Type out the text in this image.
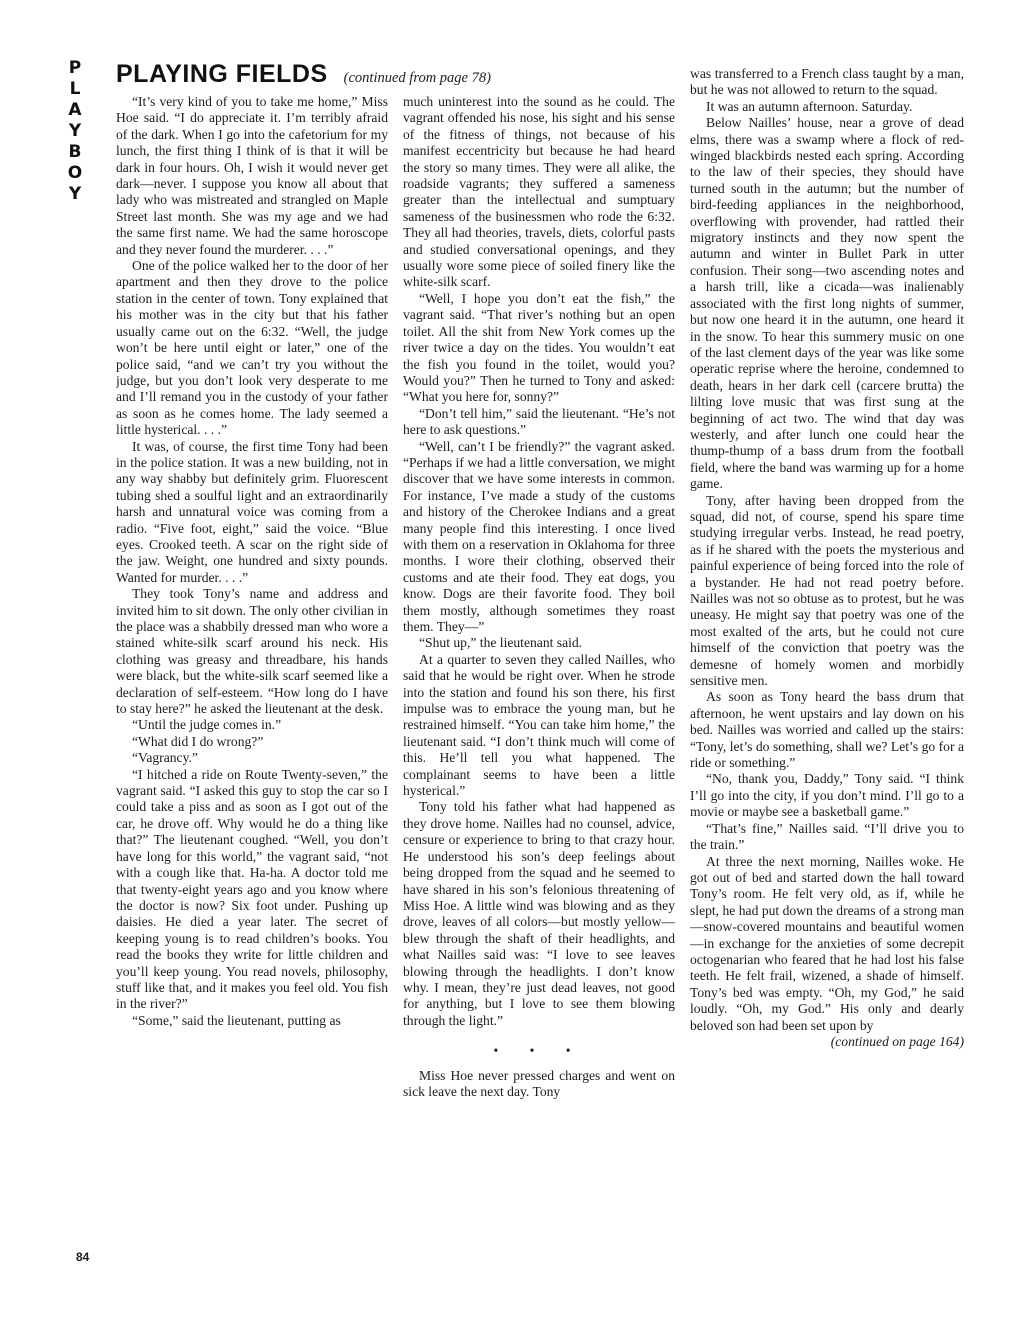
P
L
A
Y
B
O
Y
PLAYING FIELDS (continued from page 78)

“It’s very kind of you to take me home,” Miss Hoe said. “I do appreciate it. I’m terribly afraid of the dark. When I go into the cafetorium for my lunch, the first thing I think of is that it will be dark in four hours. Oh, I wish it would never get dark—never. I suppose you know all about that lady who was mistreated and strangled on Maple Street last month. She was my age and we had the same first name. We had the same horoscope and they never found the murderer. . . .”

One of the police walked her to the door of her apartment and then they drove to the police station in the center of town. Tony explained that his mother was in the city but that his father usually came out on the 6:32. “Well, the judge won’t be here until eight or later,” one of the police said, “and we can’t try you without the judge, but you don’t look very desperate to me and I’ll remand you in the custody of your father as soon as he comes home. The lady seemed a little hysterical. . . .”

It was, of course, the first time Tony had been in the police station. It was a new building, not in any way shabby but definitely grim. Fluorescent tubing shed a soulful light and an extraordinarily harsh and unnatural voice was coming from a radio. “Five foot, eight,” said the voice. “Blue eyes. Crooked teeth. A scar on the right side of the jaw. Weight, one hundred and sixty pounds. Wanted for murder. . . .”

They took Tony’s name and address and invited him to sit down. The only other civilian in the place was a shabbily dressed man who wore a stained white-silk scarf around his neck. His clothing was greasy and threadbare, his hands were black, but the white-silk scarf seemed like a declaration of self-esteem. “How long do I have to stay here?” he asked the lieutenant at the desk.

“Until the judge comes in.”

“What did I do wrong?”

“Vagrancy.”

“I hitched a ride on Route Twenty-seven,” the vagrant said. “I asked this guy to stop the car so I could take a piss and as soon as I got out of the car, he drove off. Why would he do a thing like that?” The lieutenant coughed. “Well, you don’t have long for this world,” the vagrant said, “not with a cough like that. Ha-ha. A doctor told me that twenty-eight years ago and you know where the doctor is now? Six foot under. Pushing up daisies. He died a year later. The secret of keeping young is to read children’s books. You read the books they write for little children and you’ll keep young. You read novels, philosophy, stuff like that, and it makes you feel old. You fish in the river?”

“Some,” said the lieutenant, putting as

much uninterest into the sound as he could. The vagrant offended his nose, his sight and his sense of the fitness of things, not because of his manifest eccentricity but because he had heard the story so many times. They were all alike, the roadside vagrants; they suffered a sameness greater than the intellectual and sumptuary sameness of the businessmen who rode the 6:32. They all had theories, travels, diets, colorful pasts and studied conversational openings, and they usually wore some piece of soiled finery like the white-silk scarf.

“Well, I hope you don’t eat the fish,” the vagrant said. “That river’s nothing but an open toilet. All the shit from New York comes up the river twice a day on the tides. You wouldn’t eat the fish you found in the toilet, would you? Would you?” Then he turned to Tony and asked: “What you here for, sonny?”

“Don’t tell him,” said the lieutenant. “He’s not here to ask questions.”

“Well, can’t I be friendly?” the vagrant asked. “Perhaps if we had a little conversation, we might discover that we have some interests in common. For instance, I’ve made a study of the customs and history of the Cherokee Indians and a great many people find this interesting. I once lived with them on a reservation in Oklahoma for three months. I wore their clothing, observed their customs and ate their food. They eat dogs, you know. Dogs are their favorite food. They boil them mostly, although sometimes they roast them. They—”

“Shut up,” the lieutenant said.

At a quarter to seven they called Nailles, who said that he would be right over. When he strode into the station and found his son there, his first impulse was to embrace the young man, but he restrained himself. “You can take him home,” the lieutenant said. “I don’t think much will come of this. He’ll tell you what happened. The complainant seems to have been a little hysterical.”

Tony told his father what had happened as they drove home. Nailles had no counsel, advice, censure or experience to bring to that crazy hour. He understood his son’s deep feelings about being dropped from the squad and he seemed to have shared in his son’s felonious threatening of Miss Hoe. A little wind was blowing and as they drove, leaves of all colors—but mostly yellow—blew through the shaft of their headlights, and what Nailles said was: “I love to see leaves blowing through the headlights. I don’t know why. I mean, they’re just dead leaves, not good for anything, but I love to see them blowing through the light.”

• • •

Miss Hoe never pressed charges and went on sick leave the next day. Tony

was transferred to a French class taught by a man, but he was not allowed to return to the squad.

It was an autumn afternoon. Saturday.

Below Nailles’ house, near a grove of dead elms, there was a swamp where a flock of red-winged blackbirds nested each spring. According to the law of their species, they should have turned south in the autumn; but the number of bird-feeding appliances in the neighborhood, overflowing with provender, had rattled their migratory instincts and they now spent the autumn and winter in Bullet Park in utter confusion. Their song—two ascending notes and a harsh trill, like a cicada—was inalienably associated with the first long nights of summer, but now one heard it in the autumn, one heard it in the snow. To hear this summery music on one of the last clement days of the year was like some operatic reprise where the heroine, condemned to death, hears in her dark cell (carcere brutta) the lilting love music that was first sung at the beginning of act two. The wind that day was westerly, and after lunch one could hear the thump-thump of a bass drum from the football field, where the band was warming up for a home game.

Tony, after having been dropped from the squad, did not, of course, spend his spare time studying irregular verbs. Instead, he read poetry, as if he shared with the poets the mysterious and painful experience of being forced into the role of a bystander. He had not read poetry before. Nailles was not so obtuse as to protest, but he was uneasy. He might say that poetry was one of the most exalted of the arts, but he could not cure himself of the conviction that poetry was the demesne of homely women and morbidly sensitive men.

As soon as Tony heard the bass drum that afternoon, he went upstairs and lay down on his bed. Nailles was worried and called up the stairs: “Tony, let’s do something, shall we? Let’s go for a ride or something.”

“No, thank you, Daddy,” Tony said. “I think I’ll go into the city, if you don’t mind. I’ll go to a movie or maybe see a basketball game.”

“That’s fine,” Nailles said. “I’ll drive you to the train.”

At three the next morning, Nailles woke. He got out of bed and started down the hall toward Tony’s room. He felt very old, as if, while he slept, he had put down the dreams of a strong man—snow-covered mountains and beautiful women—in exchange for the anxieties of some decrepit octogenarian who feared that he had lost his false teeth. He felt frail, wizened, a shade of himself. Tony’s bed was empty. “Oh, my God,” he said loudly. “Oh, my God.” His only and dearly beloved son had been set upon by

(continued on page 164)

84
